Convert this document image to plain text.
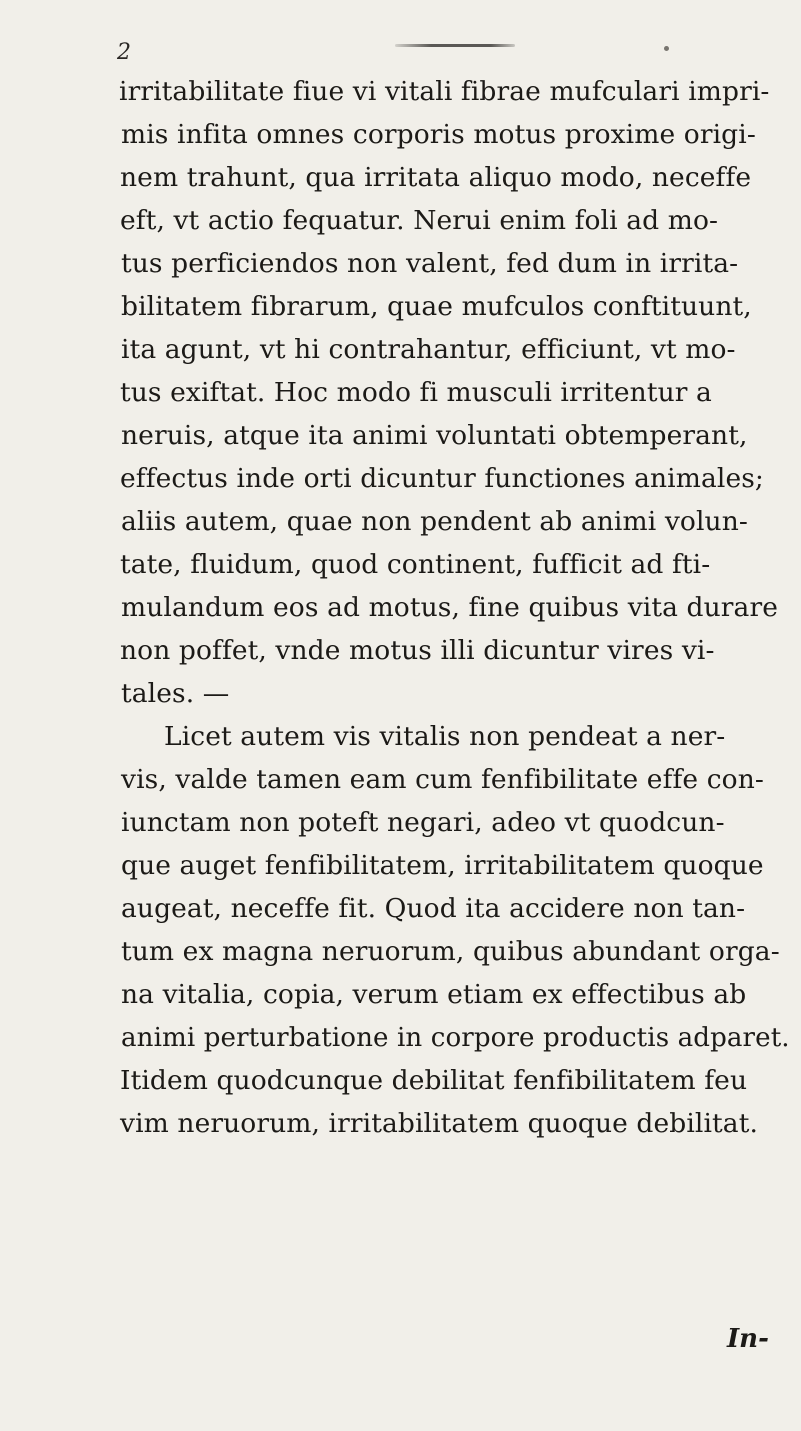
2
irritabilitate fiue vi vitali fibrae mufculari impri-
mis infita omnes corporis motus proxime origi-
nem trahunt, qua irritata aliquo modo, neceffe
eft, vt actio fequatur. Nerui enim foli ad mo-
tus perficiendos non valent, fed dum in irrita-
bilitatem fibrarum, quae mufculos conftituunt,
ita agunt, vt hi contrahantur, efficiunt, vt mo-
tus exiftat. Hoc modo fi musculi irritentur a
neruis, atque ita animi voluntati obtemperant,
effectus inde orti dicuntur functiones animales;
aliis autem, quae non pendent ab animi volun-
tate, fluidum, quod continent, fufficit ad fti-
mulandum eos ad motus, fine quibus vita durare
non poffet, vnde motus illi dicuntur vires vi-
tales. —
Licet autem vis vitalis non pendeat a ner-
vis, valde tamen eam cum fenfibilitate effe con-
iunctam non poteft negari, adeo vt quodcun-
que auget fenfibilitatem, irritabilitatem quoque
augeat, neceffe fit. Quod ita accidere non tan-
tum ex magna neruorum, quibus abundant orga-
na vitalia, copia, verum etiam ex effectibus ab
animi perturbatione in corpore productis adparet.
Itidem quodcunque debilitat fenfibilitatem feu
vim neruorum, irritabilitatem quoque debilitat.
In-
